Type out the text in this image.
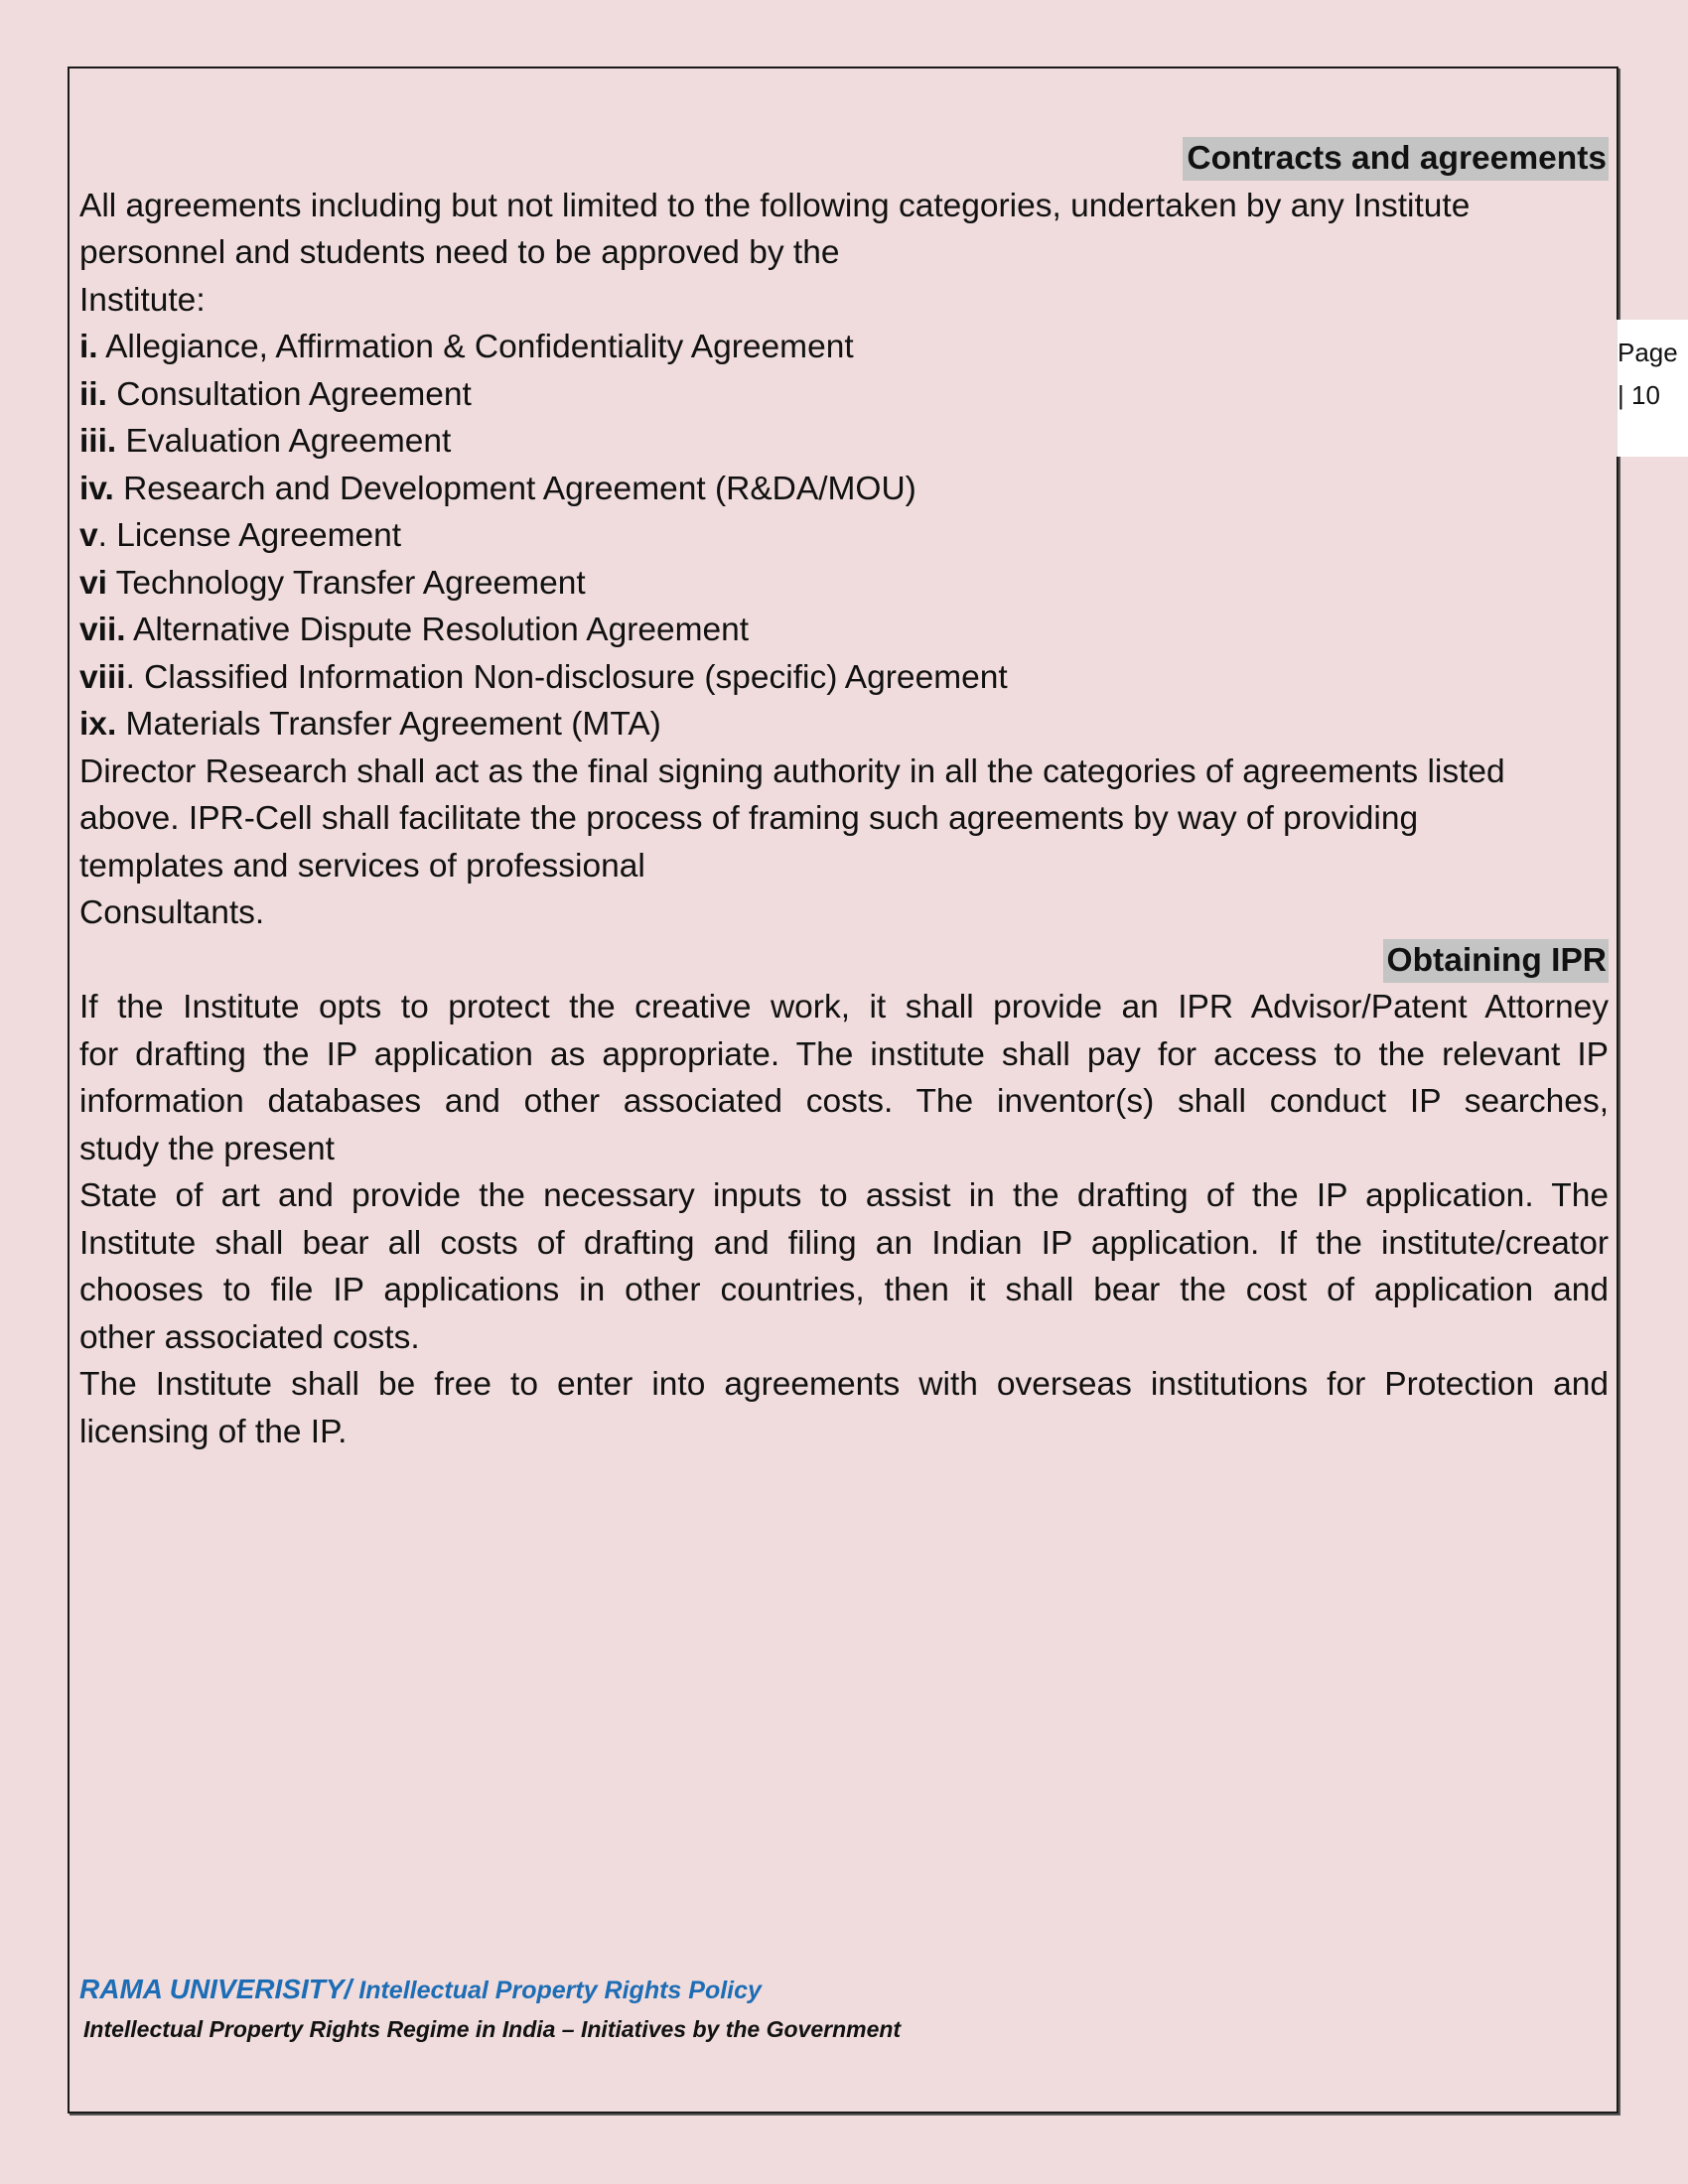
Page
| 10
Contracts and agreements

All agreements including but not limited to the following categories, undertaken by any Institute

personnel and students need to be approved by the

Institute:

i. Allegiance, Affirmation & Confidentiality Agreement

ii. Consultation Agreement

iii. Evaluation Agreement

iv. Research and Development Agreement (R&DA/MOU)

v. License Agreement

vi Technology Transfer Agreement

vii. Alternative Dispute Resolution Agreement

viii. Classified Information Non-disclosure (specific) Agreement

ix. Materials Transfer Agreement (MTA)

Director Research shall act as the final signing authority in all the categories of agreements listed

above. IPR-Cell shall facilitate the process of framing such agreements by way of providing

templates and services of professional

Consultants.

Obtaining IPR
If the Institute opts to protect the creative work, it shall provide an IPR Advisor/Patent Attorney
for drafting the IP application as appropriate. The institute shall pay for access to the relevant IP
information databases and other associated costs. The inventor(s) shall conduct IP searches,
study the present
State of art and provide the necessary inputs to assist in the drafting of the IP application. The
Institute shall bear all costs of drafting and filing an Indian IP application. If the institute/creator
chooses to file IP applications in other countries, then it shall bear the cost of application and
other associated costs.
The Institute shall be free to enter into agreements with overseas institutions for Protection and
licensing of the IP.
RAMA UNIVERISITY/ Intellectual Property Rights Policy
Intellectual Property Rights Regime in India – Initiatives by the Government
